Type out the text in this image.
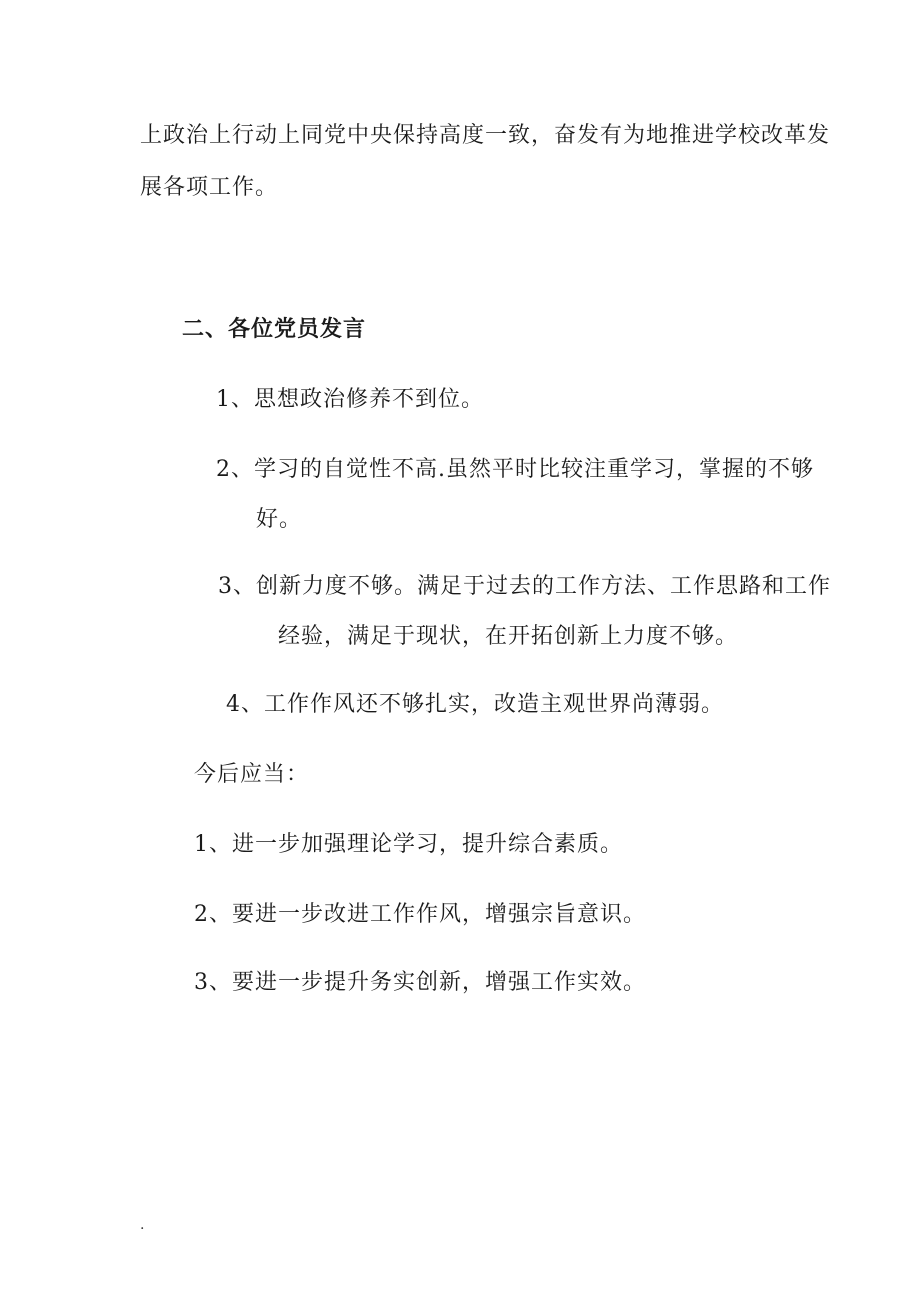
上政治上行动上同党中央保持高度一致，奋发有为地推进学校改革发
展各项工作。
二、各位党员发言
1、思想政治修养不到位。
2、学习的自觉性不高.虽然平时比较注重学习，掌握的不够
好。
3、创新力度不够。满足于过去的工作方法、工作思路和工作
经验，满足于现状，在开拓创新上力度不够。
4、工作作风还不够扎实，改造主观世界尚薄弱。
今后应当：
1、进一步加强理论学习，提升综合素质。
2、要进一步改进工作作风，增强宗旨意识。
3、要进一步提升务实创新，增强工作实效。
.
